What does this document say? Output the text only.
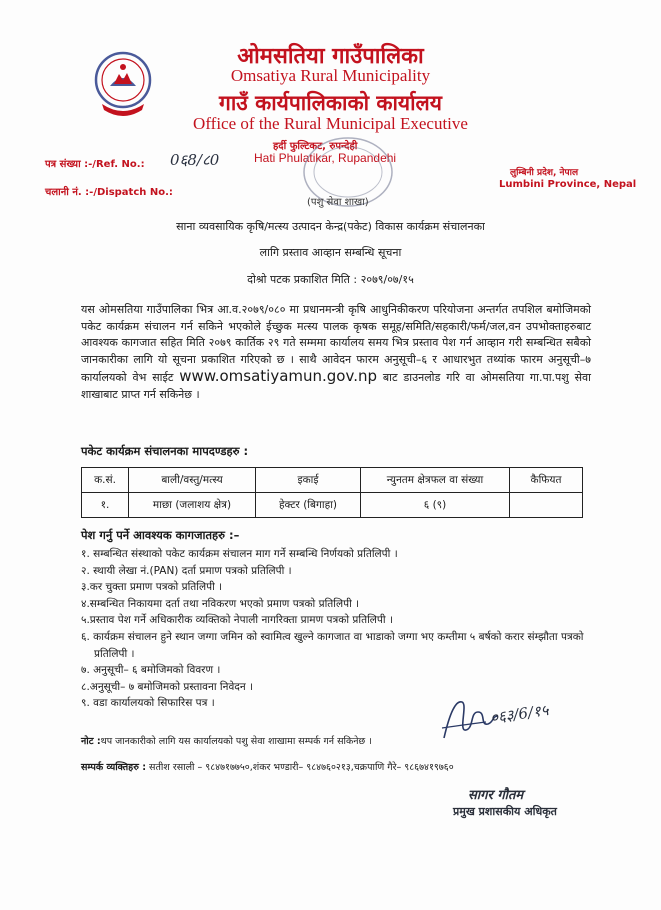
ओमसतिया गाउँपालिका
Omsatiya Rural Municipality
गाउँ कार्यपालिकाको कार्यालय
Office of the Rural Municipal Executive
हर्दी फुल्टिकट, रुपन्देही
Hati Phulatikar, Rupandehi
पत्र संख्या :-/Ref. No.: 0६8/८0
चलानी नं. :-/Dispatch No.:
(पशु सेवा शाखा)
लुम्बिनी प्रदेश, नेपाल
Lumbini Province, Nepal
साना व्यवसायिक कृषि/मत्स्य उत्पादन केन्द्र(पकेट) विकास कार्यक्रम संचालनका
लागि प्रस्ताव आव्हान सम्बन्धि सूचना
दोश्रो पटक प्रकाशित मिति : २०७९/०७/१५
यस ओमसतिया गाउँपालिका भित्र आ.व.२०७९/०८० मा प्रधानमन्त्री कृषि आधुनिकीकरण परियोजना अन्तर्गत तपशिल बमोजिमको पकेट कार्यक्रम संचालन गर्न सकिने भएकोले ईच्छुक मत्स्य पालक कृषक समूह/समिति/सहकारी/फर्म/जल,वन उपभोक्ताहरुबाट आवश्यक कागजात सहित मिति २०७९ कार्तिक २९ गते सम्ममा कार्यालय समय भित्र प्रस्ताव पेश गर्न आव्हान गरी सम्बन्धित सबैको जानकारीका लागि यो सूचना प्रकाशित गरिएको छ । साथै आवेदन फारम अनुसूची–६ र आधारभुत तथ्यांक फारम अनुसूची–७ कार्यालयको वेभ साईट www.omsatiyamun.gov.np बाट डाउनलोड गरि वा ओमसतिया गा.पा.पशु सेवा शाखाबाट प्राप्त गर्न सकिनेछ ।
पकेट कार्यक्रम संचालनका मापदण्डहरु :
क.सं.	बाली/वस्तु/मत्स्य	इकाई	न्युनतम क्षेत्रफल वा संख्या	कैफियत
१.	माछा (जलाशय क्षेत्र)	हेक्टर (बिगाहा)	६ (९)	
पेश गर्नु पर्ने आवश्यक कागजातहरु :–
१. सम्बन्धित संस्थाको पकेट कार्यक्रम संचालन माग गर्ने सम्बन्धि निर्णयको प्रतिलिपी ।
२. स्थायी लेखा नं.(PAN) दर्ता प्रमाण पत्रको प्रतिलिपी ।
३.कर चुक्ता प्रमाण पत्रको प्रतिलिपी ।
४.सम्बन्धित निकायमा दर्ता तथा नविकरण भएको प्रमाण पत्रको प्रतिलिपी ।
५.प्रस्ताव पेश गर्ने अधिकारीक व्यक्तिको नेपाली नागरिक्ता प्रामण पत्रको प्रतिलिपी ।
६. कार्यक्रम संचालन हुने स्थान जग्गा जमिन को स्वामित्व खुल्ने कागजात वा भाडाको जग्गा भए कम्तीमा ५ बर्षको करार संम्झौता पत्रको प्रतिलिपी ।
७. अनुसूची– ६ बमोजिमको विवरण ।
८.अनुसूची– ७ बमोजिमको प्रस्तावना निवेदन ।
९. वडा कार्यालयको सिफारिस पत्र ।	०६३/6/१५
नोट :थप जानकारीको लागि यस कार्यालयको पशु सेवा शाखामा सम्पर्क गर्न सकिनेछ ।
सम्पर्क व्यक्तिहरु : सतीश रसाली – ९८४७१७७५०,शंकर भण्डारी– ९८४७६०२१३,चक्रपाणि गैरे– ९८६७४१९७६०
सागर गौतम
प्रमुख प्रशासकीय अधिकृत
